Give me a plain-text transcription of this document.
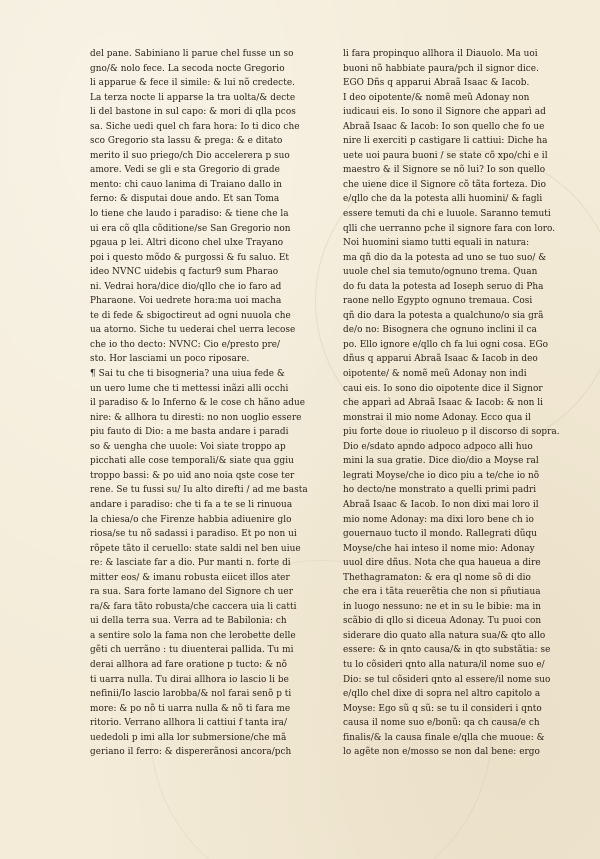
del pane. Sabiniano li parue chel fusse un so
gno/& nolo fece. La secoda nocte Gregorio
li apparue & fece il simile: & lui nõ credecte.
La terza nocte li apparse la tra uolta/& decte
li del bastone in sul capo: & mori di qlla pcos
sa. Siche uedi quel ch fara hora: Io ti dico che
sco Gregorio sta lassu & prega: & e ditato
merito il suo priego/ch Dio accelerera p suo
amore. Vedi se gli e sta Gregorio di grade
mento: chi cauo lanima di Traiano dallo in
ferno: & disputai doue ando. Et san Toma
lo tiene che laudo i paradiso: & tiene che la
ui era cõ qlla cõditione/se San Gregorio non
pgaua p lei. Altri dicono chel ulxe Trayano
poi i questo mõdo & purgossi & fu saluo. Et
ideo NVNC uidebis q factur9 sum Pharao
ni. Vedrai hora/dice dio/qllo che io faro ad
Pharaone. Voi uedrete hora:ma uoi macha
te di fede & sbigoctireut ad ogni nuuola che
ua atorno. Siche tu uederai chel uerra lecose
che io tho decto: NVNC: Cio e/presto pre/
sto. Hor lasciami un poco riposare.
¶ Sai tu che ti bisogneria? una uiua fede &
un uero lume che ti mettessi inãzi alli occhi
il paradiso & lo Inferno & le cose ch hãno adue
nire: & allhora tu diresti: no non uoglio essere
piu fauto di Dio: a me basta andare i paradi
so & uengha che uuole: Voi siate troppo ap
picchati alle cose temporali/& siate qua ggiu
troppo bassi: & po uid ano noia qste cose ter
rene. Se tu fussi su/ Iu alto direfti / ad me basta
andare i paradiso: che ti fa a te se li rinuoua
la chiesa/o che Firenze habbia adiuenire glo
riosa/se tu nõ sadassi i paradiso. Et po non ui
rõpete tãto il ceruello: state saldi nel ben uiue
re: & lasciate far a dio. Pur manti n. forte di
mitter eos/ & imanu robusta eiicet illos ater
ra sua. Sara forte lamano del Signore ch uer
ra/& fara tãto robusta/che caccera uia li catti
ui della terra sua. Verra ad te Babilonia: ch
a sentire solo la fama non che lerobette delle
gẽti ch uerrãno : tu diuenterai pallida. Tu mi
derai allhora ad fare oratione p tucto: & nõ
ti uarra nulla. Tu dirai allhora io lascio li be
nefinii/Io lascio larobba/& nol farai senõ p ti
more: & po nõ ti uarra nulla & nõ ti fara me
ritorio. Verrano allhora li cattiui f tanta ira/
uededoli p imi alla lor submersione/che mã
geriano il ferro: & dispererãnosi ancora/pch
li fara propinquo allhora il Diauolo. Ma uoi
buoni nõ habbiate paura/pch il signor dice.
EGO Dñs q apparui Abraã Isaac & Iacob.
I deo oipotente/& nomẽ meũ Adonay non
iudicaui eis. Io sono il Signore che apparì ad
Abraã Isaac & Iacob: Io son quello che fo ue
nire li exerciti p castigare li cattiui: Diche ha
uete uoi paura buoni / se state cõ xpo/chi e il
maestro & il Signore se nõ lui? Io son quello
che uiene dice il Signore cõ tãta forteza. Dio
e/qllo che da la potesta alli huomini/ & fagli
essere temuti da chi e luuole. Saranno temuti
qlli che uerranno pche il signore fara con loro.
Noi huomini siamo tutti equali in natura:
ma qñ dio da la potesta ad uno se tuo suo/ &
uuole chel sia temuto/ognuno trema. Quan
do fu data la potesta ad Ioseph seruo di Pha
raone nello Egypto ognuno tremaua. Cosi
qñ dio dara la potesta a qualchuno/o sia grã
de/o no: Bisognera che ognuno inclini il ca
po. Ello ignore e/qllo ch fa lui ogni cosa. EGo
dñus q apparui Abraã Isaac & Iacob in deo
oipotente/ & nomẽ meũ Adonay non indi
caui eis. Io sono dio oipotente dice il Signor
che apparì ad Abraã Isaac & Iacob: & non li
monstrai il mio nome Adonay. Ecco qua il
piu forte doue io riuoleuo p il discorso di sopra.
Dio e/sdato apndo adpoco adpoco alli huo
mini la sua gratie. Dice dio/dio a Moyse ral
legrati Moyse/che io dico piu a te/che io nõ
ho decto/ne monstrato a quelli primi padri
Abraã Isaac & Iacob. Io non dixi mai loro il
mio nome Adonay: ma dixi loro bene ch io
gouernauo tucto il mondo. Rallegrati dũqu
Moyse/che hai inteso il nome mio: Adonay
uuol dire dñus. Nota che qua haueua a dire
Thethagramaton: & era ql nome sõ di dio
che era i tãta reuerẽtia che non si pñutiaua
in luogo nessuno: ne et in su le bibie: ma in
scãbio di qllo si diceua Adonay. Tu puoi con
siderare dio quato alla natura sua/& qto allo
essere: & in qnto causa/& in qto substãtia: se
tu lo cõsideri qnto alla natura/il nome suo e/
Dio: se tul cõsideri qnto al essere/il nome suo
e/qllo chel dixe di sopra nel altro capitolo a
Moyse: Ego sũ q sũ: se tu il consideri i qnto
causa il nome suo e/bonũ: qa ch causa/e ch
finalis/& la causa finale e/qlla che muoue: &
lo agẽte non e/mosso se non dal bene: ergo
